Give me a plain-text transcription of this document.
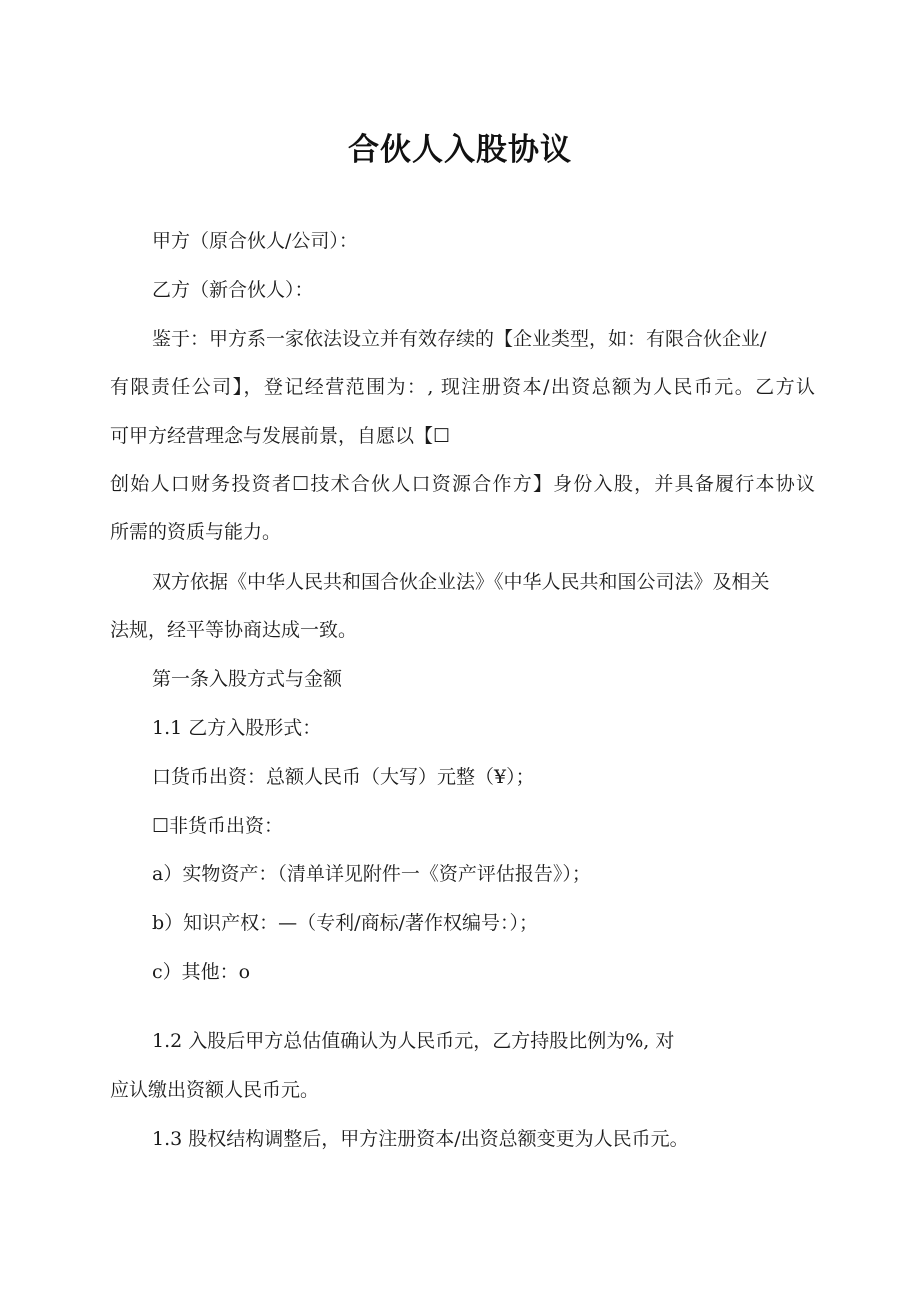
合伙人入股协议
甲方（原合伙人/公司）：
乙方（新合伙人）：
鉴于：甲方系一家依法设立并有效存续的【企业类型，如：有限合伙企业/
有限责任公司】，登记经营范围为：, 现注册资本/出资总额为人民币元。乙方认
可甲方经营理念与发展前景，自愿以【☐
创始人口财务投资者☐技术合伙人口资源合作方】身份入股，并具备履行本协议
所需的资质与能力。
双方依据《中华人民共和国合伙企业法》《中华人民共和国公司法》及相关
法规，经平等协商达成一致。
第一条入股方式与金额
1.1 乙方入股形式：
口货币出资：总额人民币（大写）元整（¥）；
☐非货币出资：
a）实物资产：（清单详见附件一《资产评估报告》）；
b）知识产权：—（专利/商标/著作权编号：）；
c）其他：o
1.2 入股后甲方总估值确认为人民币元，乙方持股比例为%, 对
应认缴出资额人民币元。
1.3 股权结构调整后，甲方注册资本/出资总额变更为人民币元。
